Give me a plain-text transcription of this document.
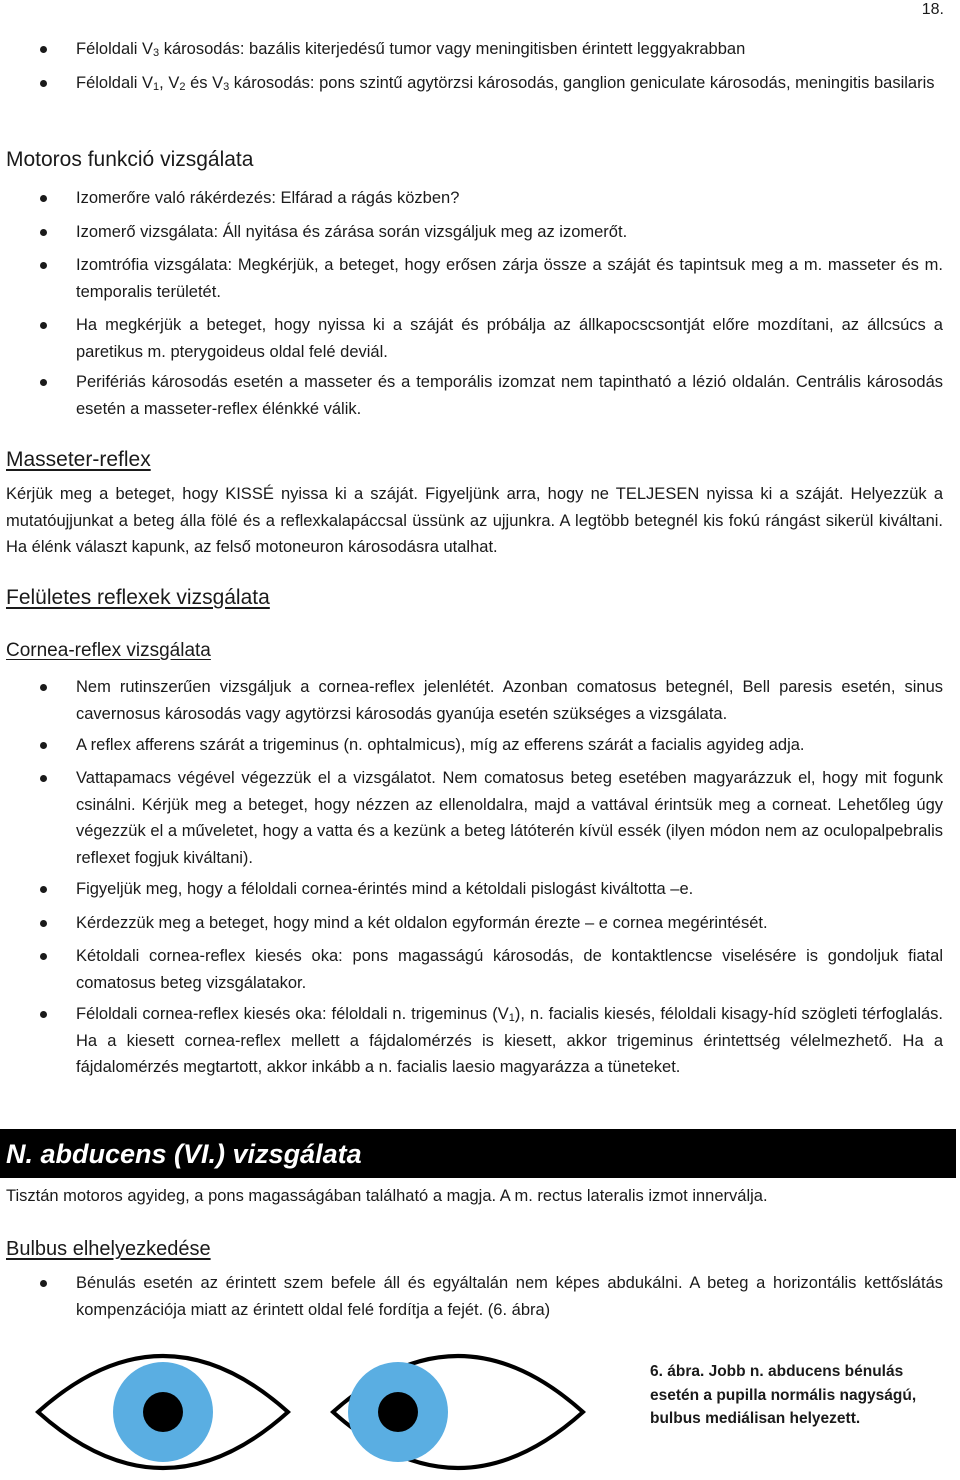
18.
Féloldali $V_3$ károsodás: bazális kiterjedésű tumor vagy meningitisben érintett leggyakrabban
Féloldali $V_1$, $V_2$ és $V_3$ károsodás: pons szintű agytörzsi károsodás, ganglion geniculate károsodás, meningitis basilaris
Motoros funkció vizsgálata
Izomerőre való rákérdezés: Elfárad a rágás közben?
Izomerő vizsgálata: Áll nyitása és zárása során vizsgáljuk meg az izomerőt.
Izomtrófia vizsgálata: Megkérjük, a beteget, hogy erősen zárja össze a száját és tapintsuk meg a m. masseter és m. temporalis területét.
Ha megkérjük a beteget, hogy nyissa ki a száját és próbálja az állkapocscsontját előre mozdítani, az állcsúcs a paretikus m. pterygoideus oldal felé deviál.
Perifériás károsodás esetén a masseter és a temporális izomzat nem tapintható a lézió oldalán. Centrális károsodás esetén a masseter-reflex élénkké válik.
Masseter-reflex
Kérjük meg a beteget, hogy KISSÉ nyissa ki a száját. Figyeljünk arra, hogy ne TELJESEN nyissa ki a száját. Helyezzük a mutatóujjunkat a beteg álla fölé és a reflexkalapáccsal üssünk az ujjunkra. A legtöbb betegnél kis fokú rángást sikerül kiváltani. Ha élénk választ kapunk, az felső motoneuron károsodásra utalhat.
Felületes reflexek vizsgálata
Cornea-reflex vizsgálata
Nem rutinszerűen vizsgáljuk a cornea-reflex jelenlétét. Azonban comatosus betegnél, Bell paresis esetén, sinus cavernosus károsodás vagy agytörzsi károsodás gyanúja esetén szükséges a vizsgálata.
A reflex afferens szárát a trigeminus (n. ophtalmicus), míg az efferens szárát a facialis agyideg adja.
Vattapamacs végével végezzük el a vizsgálatot. Nem comatosus beteg esetében magyarázzuk el, hogy mit fogunk csinálni. Kérjük meg a beteget, hogy nézzen az ellenoldalra, majd a vattával érintsük meg a corneat. Lehetőleg úgy végezzük el a műveletet, hogy a vatta és a kezünk a beteg látóterén kívül essék (ilyen módon nem az oculopalpebralis reflexet fogjuk kiváltani).
Figyeljük meg, hogy a féloldali cornea-érintés mind a kétoldali pislogást kiváltotta –e.
Kérdezzük meg a beteget, hogy mind a két oldalon egyformán érezte – e cornea megérintését.
Kétoldali cornea-reflex kiesés oka: pons magasságú károsodás, de kontaktlencse viselésére is gondoljuk fiatal comatosus beteg vizsgálatakor.
Féloldali cornea-reflex kiesés oka: féloldali n. trigeminus $(V_1)$, n. facialis kiesés, féloldali kisagy-híd szögleti térfoglalás. Ha a kiesett cornea-reflex mellett a fájdalomérzés is kiesett, akkor trigeminus érintettség vélelmezhető. Ha a fájdalomérzés megtartott, akkor inkább a n. facialis laesio magyarázza a tüneteket.
N. abducens (VI.) vizsgálata
Tisztán motoros agyideg, a pons magasságában található a magja. A m. rectus lateralis izmot innerválja.
Bulbus elhelyezkedése
Bénulás esetén az érintett szem befele áll és egyáltalán nem képes abdukálni. A beteg a horizontális kettőslátás kompenzációja miatt az érintett oldal felé fordítja a fejét. (6. ábra)
6. ábra. Jobb n. abducens bénulás esetén a pupilla normális nagyságú, bulbus mediálisan helyezett.
